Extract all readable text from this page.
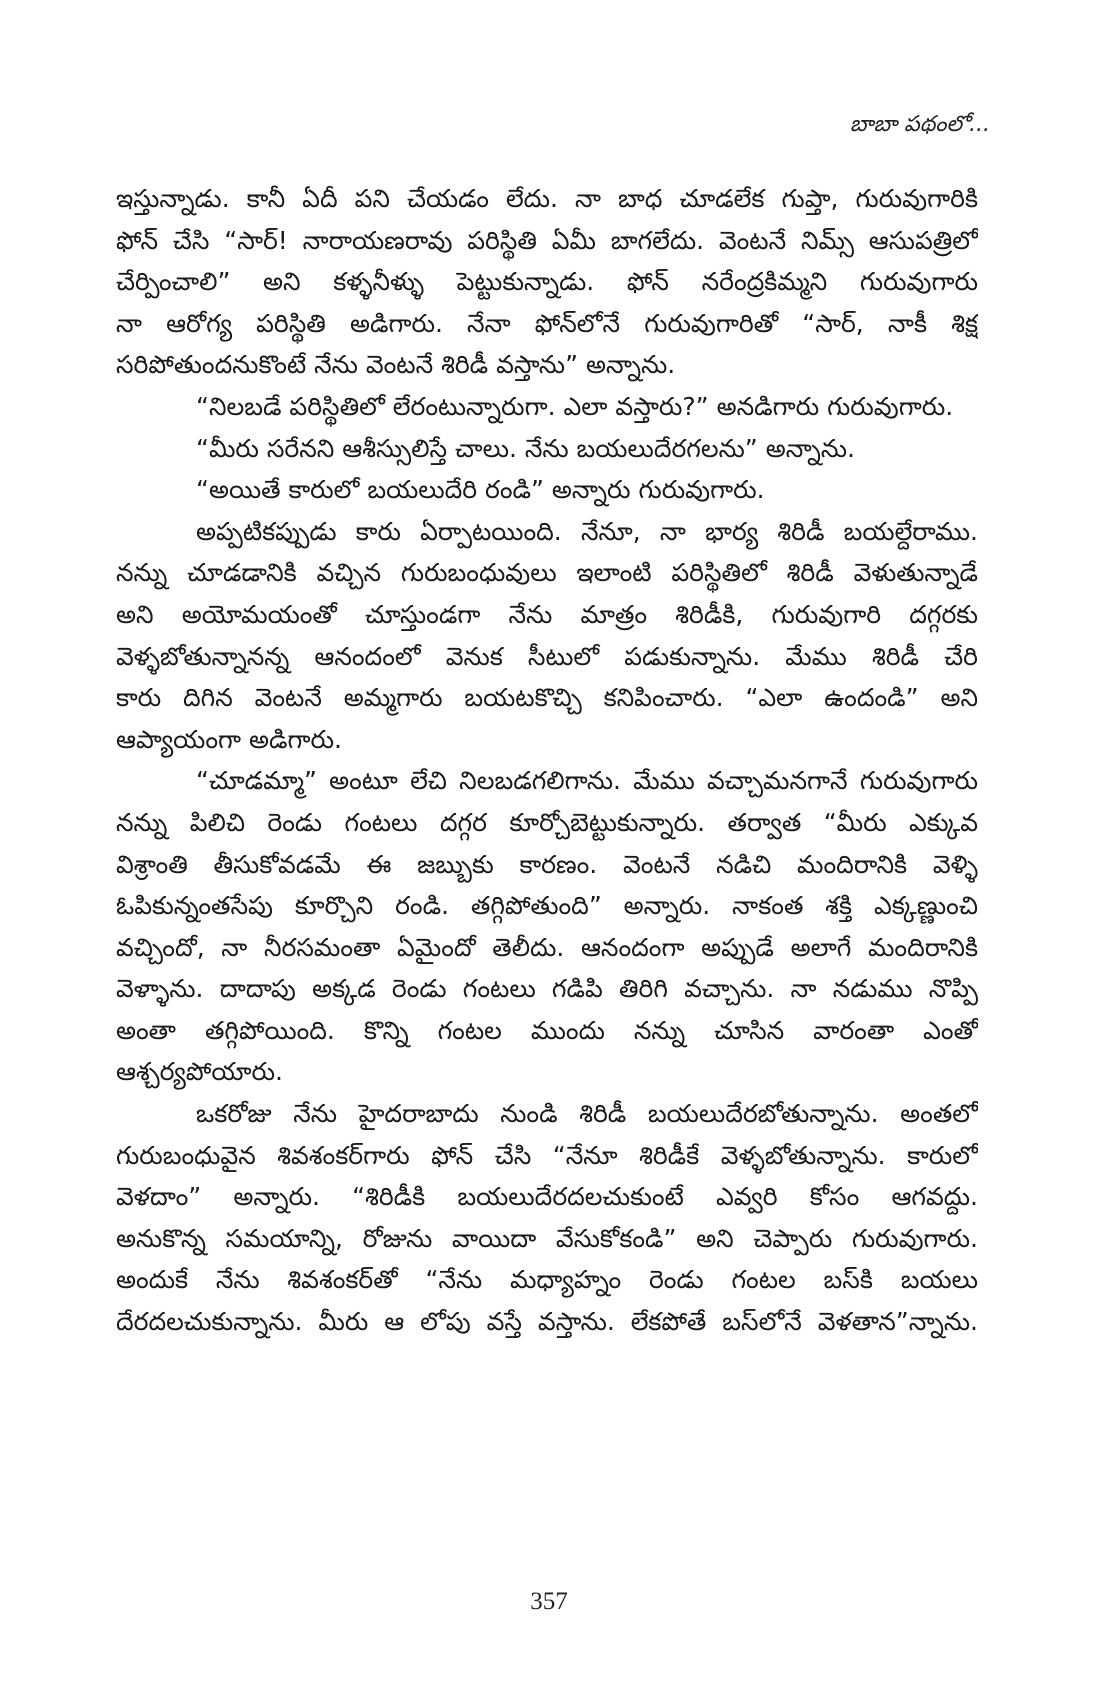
బాబా పథంలో...
ఇస్తున్నాడు. కానీ ఏదీ పని చేయడం లేదు. నా బాధ చూడలేక గుప్తా, గురువుగారికి
ఫోన్ చేసి “సార్! నారాయణరావు పరిస్థితి ఏమీ బాగలేదు. వెంటనే నిమ్స్ ఆసుపత్రిలో
చేర్పించాలి” అని కళ్ళనీళ్ళు పెట్టుకున్నాడు. ఫోన్ నరేంద్రకిమ్మని గురువుగారు
నా ఆరోగ్య పరిస్థితి అడిగారు. నేనా ఫోన్‌లోనే గురువుగారితో “సార్, నాకీ శిక్ష
సరిపోతుందనుకొంటే నేను వెంటనే శిరిడీ వస్తాను” అన్నాను.
“నిలబడే పరిస్థితిలో లేరంటున్నారుగా. ఎలా వస్తారు?” అనడిగారు గురువుగారు.
“మీరు సరేనని ఆశీస్సులిస్తే చాలు. నేను బయలుదేరగలను” అన్నాను.
“అయితే కారులో బయలుదేరి రండి” అన్నారు గురువుగారు.
అప్పటికప్పుడు కారు ఏర్పాటయింది. నేనూ, నా భార్య శిరిడీ బయల్దేరాము.
నన్ను చూడడానికి వచ్చిన గురుబంధువులు ఇలాంటి పరిస్థితిలో శిరిడీ వెళుతున్నాడే
అని అయోమయంతో చూస్తుండగా నేను మాత్రం శిరిడీకి, గురువుగారి దగ్గరకు
వెళ్ళబోతున్నానన్న ఆనందంలో వెనుక సీటులో పడుకున్నాను. మేము శిరిడీ చేరి
కారు దిగిన వెంటనే అమ్మగారు బయటకొచ్చి కనిపించారు. “ఎలా ఉందండి” అని
ఆప్యాయంగా అడిగారు.
“చూడమ్మా” అంటూ లేచి నిలబడగలిగాను. మేము వచ్చామనగానే గురువుగారు
నన్ను పిలిచి రెండు గంటలు దగ్గర కూర్చోబెట్టుకున్నారు. తర్వాత “మీరు ఎక్కువ
విశ్రాంతి తీసుకోవడమే ఈ జబ్బుకు కారణం. వెంటనే నడిచి మందిరానికి వెళ్ళి
ఓపికున్నంతసేపు కూర్చొని రండి. తగ్గిపోతుంది” అన్నారు. నాకంత శక్తి ఎక్కణ్ణుంచి
వచ్చిందో, నా నీరసమంతా ఏమైందో తెలీదు. ఆనందంగా అప్పుడే అలాగే మందిరానికి
వెళ్ళాను. దాదాపు అక్కడ రెండు గంటలు గడిపి తిరిగి వచ్చాను. నా నడుము నొప్పి
అంతా తగ్గిపోయింది. కొన్ని గంటల ముందు నన్ను చూసిన వారంతా ఎంతో
ఆశ్చర్యపోయారు.
ఒకరోజు నేను హైదరాబాదు నుండి శిరిడీ బయలుదేరబోతున్నాను. అంతలో
గురుబంధువైన శివశంకర్‌గారు ఫోన్ చేసి “నేనూ శిరిడీకే వెళ్ళబోతున్నాను. కారులో
వెళదాం” అన్నారు. “శిరిడీకి బయలుదేరదలచుకుంటే ఎవ్వరి కోసం ఆగవద్దు.
అనుకొన్న సమయాన్ని, రోజును వాయిదా వేసుకోకండి” అని చెప్పారు గురువుగారు.
అందుకే నేను శివశంకర్‌తో “నేను మధ్యాహ్నం రెండు గంటల బస్‌కి బయలు
దేరదలచుకున్నాను. మీరు ఆ లోపు వస్తే వస్తాను. లేకపోతే బస్‌లోనే వెళతాన”న్నాను.
357
